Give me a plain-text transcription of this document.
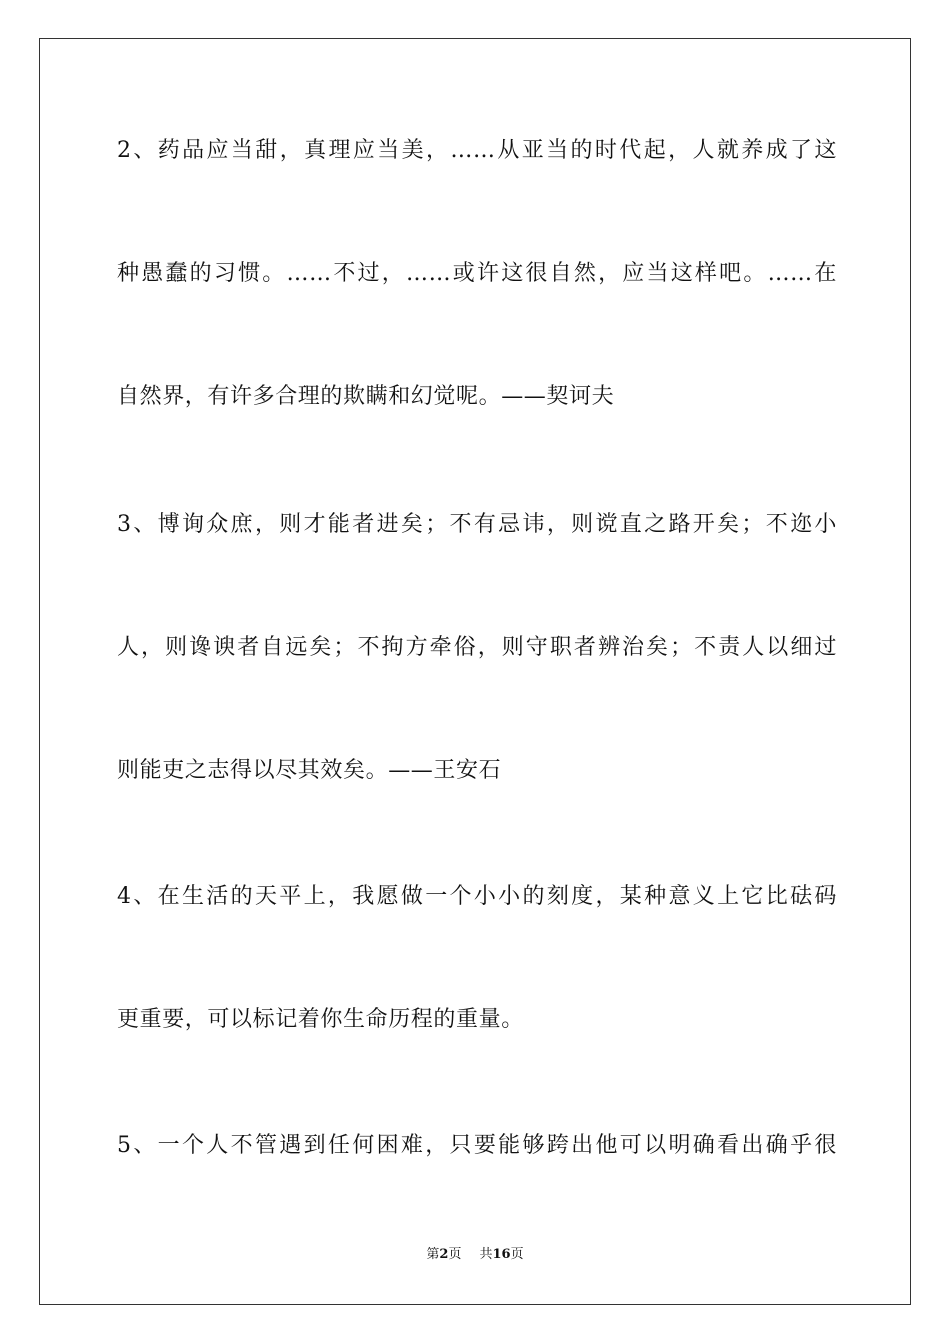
2、药品应当甜，真理应当美，……从亚当的时代起，人就养成了这
种愚蠢的习惯。……不过，……或许这很自然，应当这样吧。……在
自然界，有许多合理的欺瞒和幻觉呢。——契诃夫
3、博询众庶，则才能者进矣；不有忌讳，则谠直之路开矣；不迩小
人，则谗谀者自远矣；不拘方牵俗，则守职者辨治矣；不责人以细过
则能吏之志得以尽其效矣。——王安石
4、在生活的天平上，我愿做一个小小的刻度，某种意义上它比砝码
更重要，可以标记着你生命历程的重量。
5、一个人不管遇到任何困难，只要能够跨出他可以明确看出确乎很
第2页 共16页
